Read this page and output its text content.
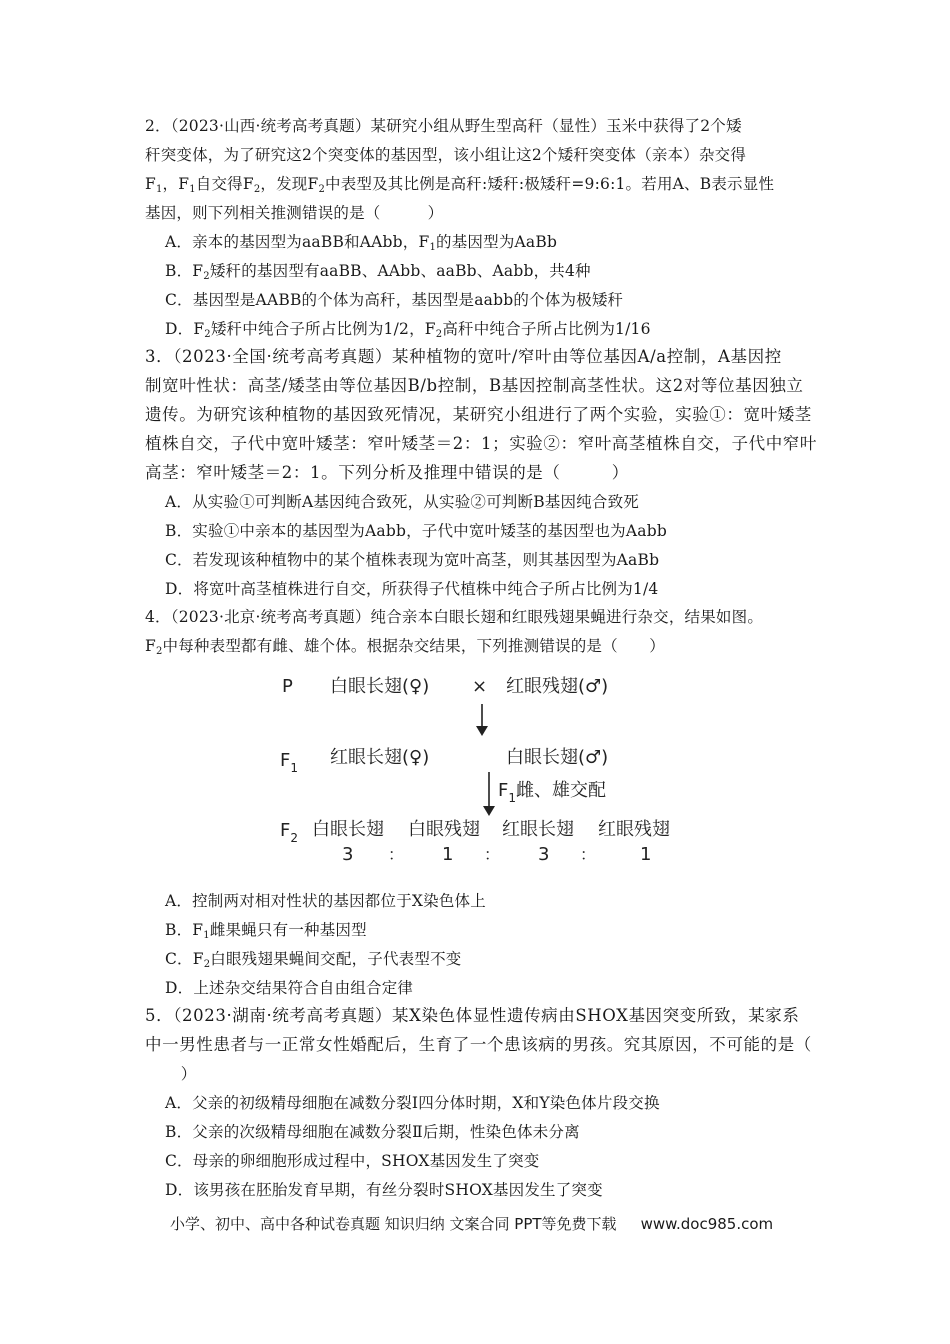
2．（2023·山西·统考高考真题）某研究小组从野生型高秆（显性）玉米中获得了2个矮
秆突变体，为了研究这2个突变体的基因型，该小组让这2个矮秆突变体（亲本）杂交得
$F_1$，$F_1$自交得$F_2$，发现$F_2$中表型及其比例是高秆:矮秆:极矮秆=9:6:1。若用A、B表示显性
基因，则下列相关推测错误的是（　　　）
A．亲本的基因型为aaBB和AAbb，$F_1$的基因型为AaBb
B．$F_2$矮秆的基因型有aaBB、AAbb、aaBb、Aabb，共4种
C．基因型是AABB的个体为高秆，基因型是aabb的个体为极矮秆
D．$F_2$矮秆中纯合子所占比例为1/2，$F_2$高秆中纯合子所占比例为1/16
3．（2023·全国·统考高考真题）某种植物的宽叶/窄叶由等位基因A/a控制，A基因控
制宽叶性状：高茎/矮茎由等位基因B/b控制，B基因控制高茎性状。这2对等位基因独立
遗传。为研究该种植物的基因致死情况，某研究小组进行了两个实验，实验①：宽叶矮茎
植株自交，子代中宽叶矮茎：窄叶矮茎＝2：1；实验②：窄叶高茎植株自交，子代中窄叶
高茎：窄叶矮茎＝2：1。下列分析及推理中错误的是（　　　）
A．从实验①可判断A基因纯合致死，从实验②可判断B基因纯合致死
B．实验①中亲本的基因型为Aabb，子代中宽叶矮茎的基因型也为Aabb
C．若发现该种植物中的某个植株表现为宽叶高茎，则其基因型为AaBb
D．将宽叶高茎植株进行自交，所获得子代植株中纯合子所占比例为1/4
4．（2023·北京·统考高考真题）纯合亲本白眼长翅和红眼残翅果蝇进行杂交，结果如图。
$F_2$中每种表型都有雌、雄个体。根据杂交结果，下列推测错误的是（　　）
P 白眼长翅(♀) × 红眼残翅(♂)
$F_1$ 红眼长翅(♀)	白眼长翅(♂)
$F_1$雌、雄交配
$F_2$ 白眼长翅 白眼残翅 红眼长翅 红眼残翅
3 ： 1 ： 3 ： 1
A．控制两对相对性状的基因都位于X染色体上
B．$F_1$雌果蝇只有一种基因型
C．$F_2$白眼残翅果蝇间交配，子代表型不变
D．上述杂交结果符合自由组合定律
5．（2023·湖南·统考高考真题）某X染色体显性遗传病由SHOX基因突变所致，某家系
中一男性患者与一正常女性婚配后，生育了一个患该病的男孩。究其原因，不可能的是（
　）
A．父亲的初级精母细胞在减数分裂Ⅰ四分体时期，X和Y染色体片段交换
B．父亲的次级精母细胞在减数分裂Ⅱ后期，性染色体未分离
C．母亲的卵细胞形成过程中，SHOX基因发生了突变
D．该男孩在胚胎发育早期，有丝分裂时SHOX基因发生了突变
小学、初中、高中各种试卷真题 知识归纳 文案合同 PPT等免费下载 www.doc985.com
